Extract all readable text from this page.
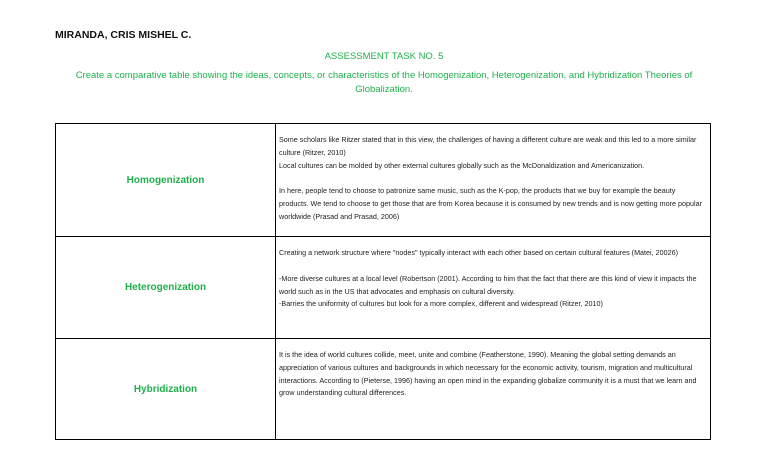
MIRANDA, CRIS MISHEL C.
ASSESSMENT TASK NO. 5
Create a comparative table showing the ideas, concepts, or characteristics of the Homogenization, Heterogenization, and Hybridization Theories of Globalization.
Homogenization	Some scholars like Ritzer stated that in this view, the challenges of having a different culture are weak and this led to a more similar culture (Ritzer, 2010)

Local cultures can be molded by other external cultures globally such as the McDonaldization and Americanization.

In here, people tend to choose to patronize same music, such as the K-pop, the products that we buy for example the beauty products. We tend to choose to get those that are from Korea because it is consumed by new trends and is now getting more popular worldwide (Prasad and Prasad, 2006)

Heterogenization	Creating a network structure where "nodes" typically interact with each other based on certain cultural features (Matei, 20026)

-More diverse cultures at a local level (Robertson (2001). According to him that the fact that there are this kind of view it impacts the world such as in the US that advocates and emphasis on cultural diversity.

-Barries the uniformity of cultures but look for a more complex, different and widespread (Ritzer, 2010)

Hybridization	It is the idea of world cultures collide, meet, unite and combine (Featherstone, 1990). Meaning the global setting demands an appreciation of various cultures and backgrounds in which necessary for the economic activity, tourism, migration and multicultural interactions. According to (Pieterse, 1996) having an open mind in the expanding globalize community it is a must that we learn and grow understanding cultural differences.
